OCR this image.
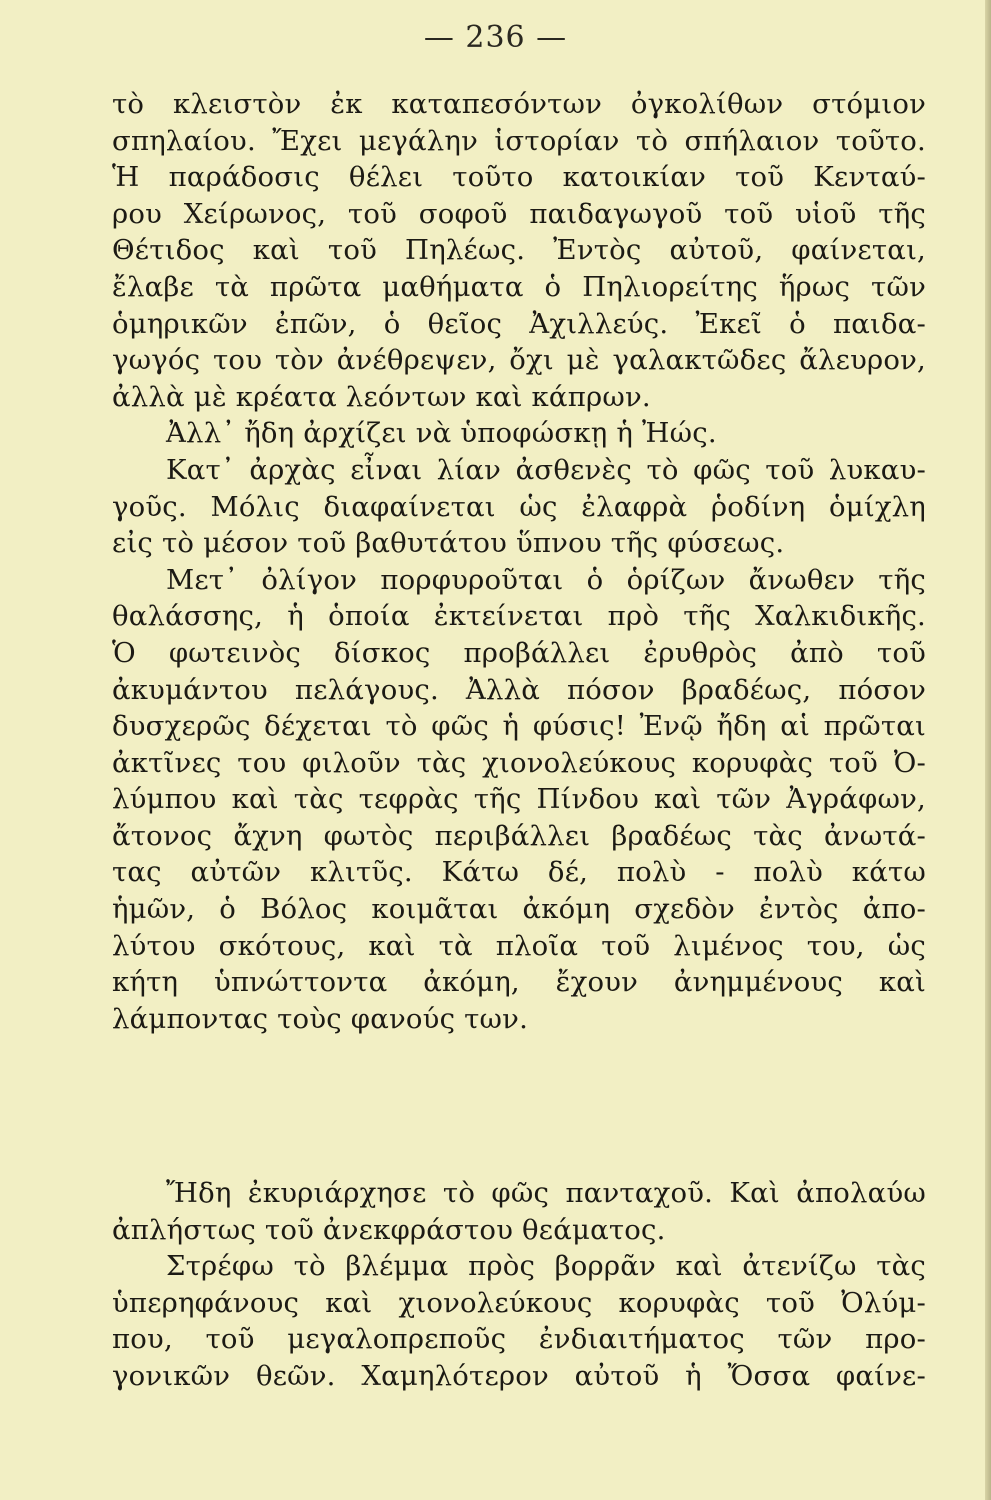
— 236 —
τὸ κλειστὸν ἐκ καταπεσόντων ὀγκολίθων στόμιον
σπηλαίου. Ἔχει μεγάλην ἱστορίαν τὸ σπήλαιον τοῦτο.
Ἡ παράδοσις θέλει τοῦτο κατοικίαν τοῦ Κενταύ-
ρου Χείρωνος, τοῦ σοφοῦ παιδαγωγοῦ τοῦ υἱοῦ τῆς
Θέτιδος καὶ τοῦ Πηλέως. Ἐντὸς αὐτοῦ, φαίνεται,
ἔλαβε τὰ πρῶτα μαθήματα ὁ Πηλιορείτης ἥρως τῶν
ὁμηρικῶν ἐπῶν, ὁ θεῖος Ἀχιλλεύς. Ἐκεῖ ὁ παιδα-
γωγός του τὸν ἀνέθρεψεν, ὄχι μὲ γαλακτῶδες ἄλευρον,
ἀλλὰ μὲ κρέατα λεόντων καὶ κάπρων.
Ἀλλ᾽ ἤδη ἀρχίζει νὰ ὑποφώσκῃ ἡ Ἠώς.
Κατ᾽ ἀρχὰς εἶναι λίαν ἀσθενὲς τὸ φῶς τοῦ λυκαυ-
γοῦς. Μόλις διαφαίνεται ὡς ἐλαφρὰ ῥοδίνη ὁμίχλη
εἰς τὸ μέσον τοῦ βαθυτάτου ὕπνου τῆς φύσεως.
Μετ᾽ ὀλίγον πορφυροῦται ὁ ὁρίζων ἄνωθεν τῆς
θαλάσσης, ἡ ὁποία ἐκτείνεται πρὸ τῆς Χαλκιδικῆς.
Ὁ φωτεινὸς δίσκος προβάλλει ἐρυθρὸς ἀπὸ τοῦ
ἀκυμάντου πελάγους. Ἀλλὰ πόσον βραδέως, πόσον
δυσχερῶς δέχεται τὸ φῶς ἡ φύσις! Ἐνῷ ἤδη αἱ πρῶται
ἀκτῖνες του φιλοῦν τὰς χιονολεύκους κορυφὰς τοῦ Ὀ-
λύμπου καὶ τὰς τεφρὰς τῆς Πίνδου καὶ τῶν Ἀγράφων,
ἄτονος ἄχνη φωτὸς περιβάλλει βραδέως τὰς ἀνωτά-
τας αὐτῶν κλιτῦς. Κάτω δέ, πολὺ - πολὺ κάτω
ἡμῶν, ὁ Βόλος κοιμᾶται ἀκόμη σχεδὸν ἐντὸς ἀπο-
λύτου σκότους, καὶ τὰ πλοῖα τοῦ λιμένος του, ὡς
κήτη ὑπνώττοντα ἀκόμη, ἔχουν ἀνημμένους καὶ
λάμποντας τοὺς φανούς των.
Ἤδη ἐκυριάρχησε τὸ φῶς πανταχοῦ. Καὶ ἀπολαύω
ἀπλήστως τοῦ ἀνεκφράστου θεάματος.
Στρέφω τὸ βλέμμα πρὸς βορρᾶν καὶ ἀτενίζω τὰς
ὑπερηφάνους καὶ χιονολεύκους κορυφὰς τοῦ Ὀλύμ-
που, τοῦ μεγαλοπρεποῦς ἐνδιαιτήματος τῶν προ-
γονικῶν θεῶν. Χαμηλότερον αὐτοῦ ἡ Ὄσσα φαίνε-
